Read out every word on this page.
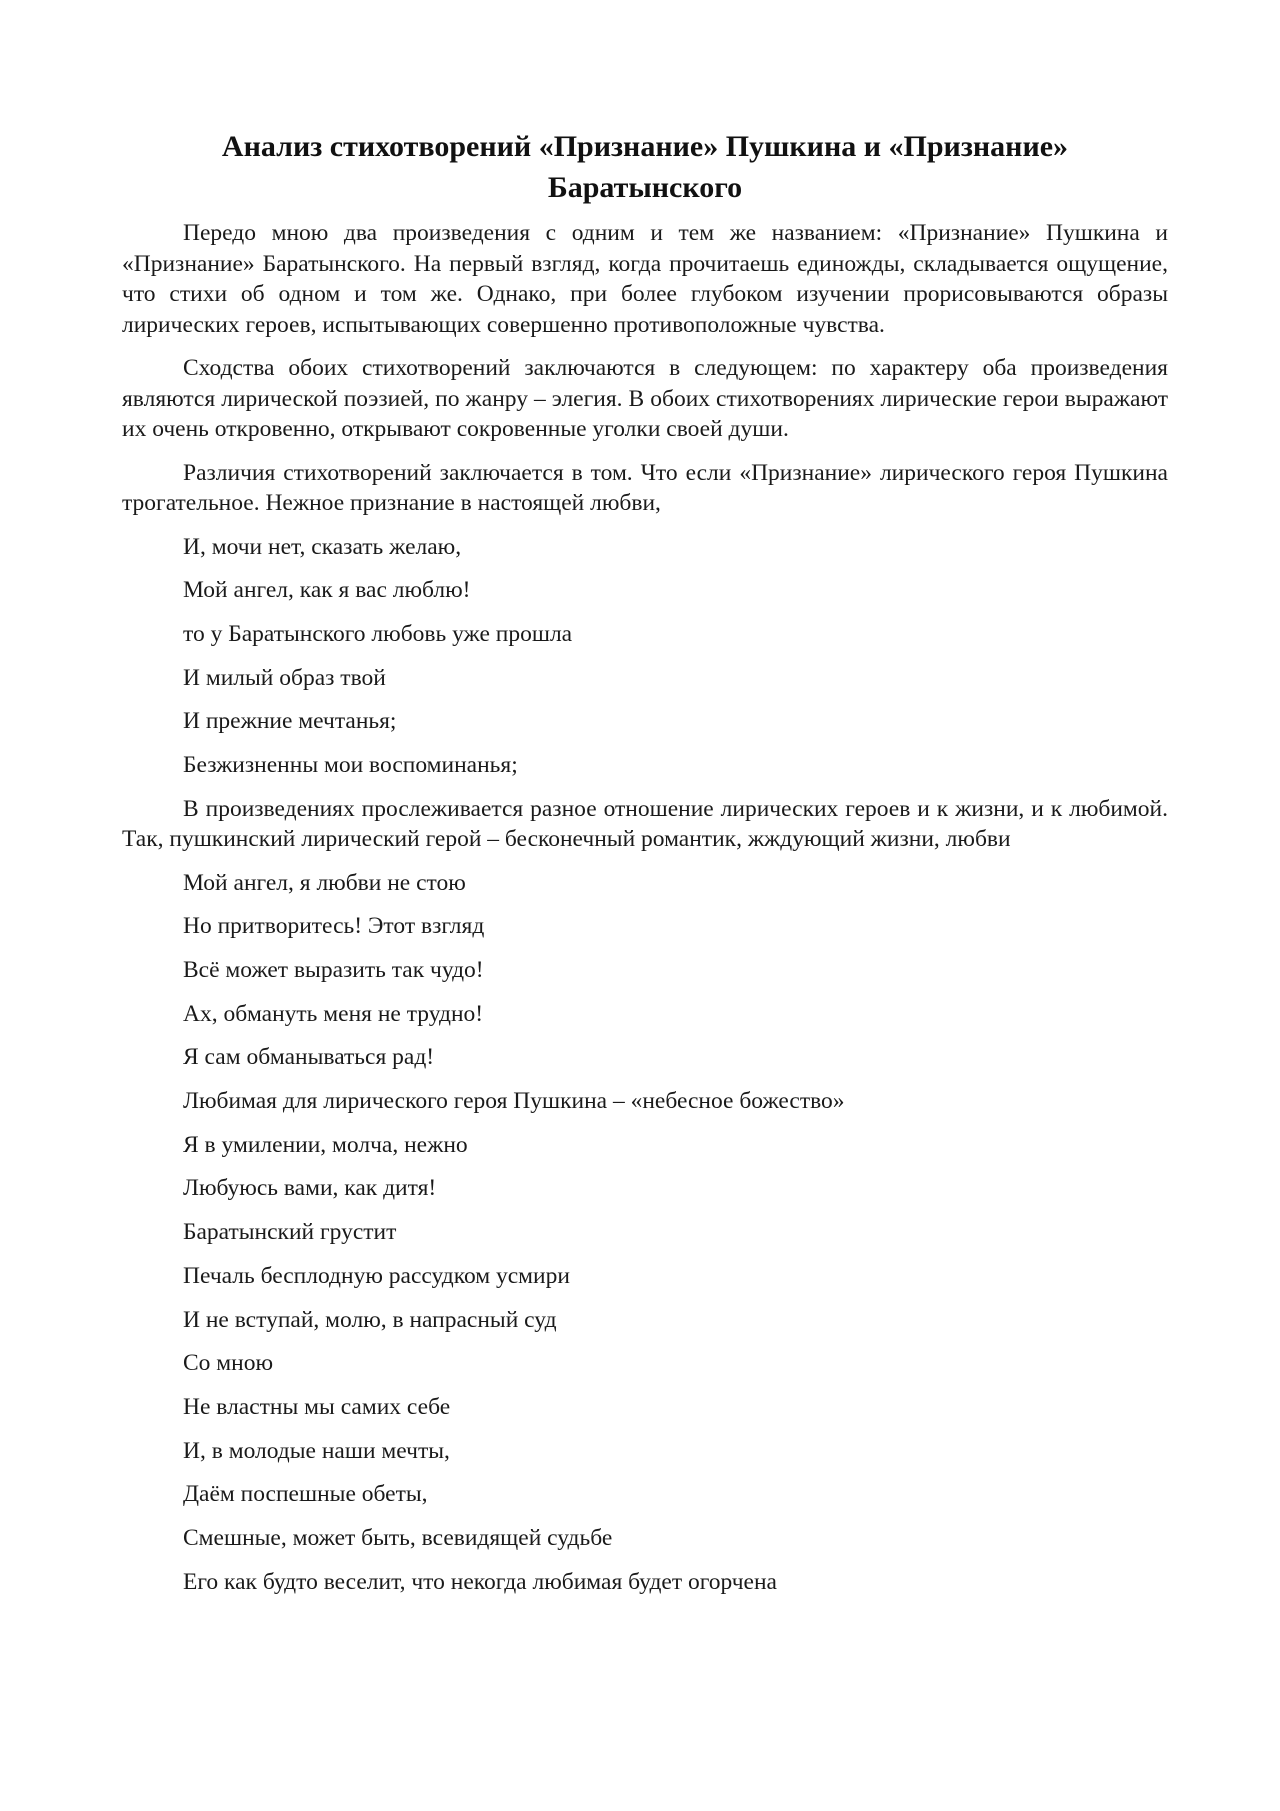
Анализ стихотворений «Признание» Пушкина и «Признание» Баратынского

Передо мною два произведения с одним и тем же названием: «Признание» Пушкина и «Признание» Баратынского. На первый взгляд, когда прочитаешь единожды, складывается ощущение, что стихи об одном и том же. Однако, при более глубоком изучении прорисовываются образы лирических героев, испытывающих совершенно противоположные чувства.

Сходства обоих стихотворений заключаются в следующем: по характеру оба произведения являются лирической поэзией, по жанру – элегия. В обоих стихотворениях лирические герои выражают их очень откровенно, открывают сокровенные уголки своей души.

Различия стихотворений заключается в том. Что если «Признание» лирического героя Пушкина трогательное. Нежное признание в настоящей любви,

И, мочи нет, сказать желаю,

Мой ангел, как я вас люблю!

то у Баратынского любовь уже прошла

И милый образ твой

И прежние мечтанья;

Безжизненны мои воспоминанья;

В произведениях прослеживается разное отношение лирических героев и к жизни, и к любимой. Так, пушкинский лирический герой – бесконечный романтик, жждующий жизни, любви

Мой ангел, я любви не стою

Но притворитесь! Этот взгляд

Всё может выразить так чудо!

Ах, обмануть меня не трудно!

Я сам обманываться рад!

Любимая для лирического героя Пушкина – «небесное божество»

Я в умилении, молча, нежно

Любуюсь вами, как дитя!

Баратынский грустит

Печаль бесплодную рассудком усмири

И не вступай, молю, в напрасный суд

Со мною

Не властны мы самих себе

И, в молодые наши мечты,

Даём поспешные обеты,

Смешные, может быть, всевидящей судьбе

Его как будто веселит, что некогда любимая будет огорчена
